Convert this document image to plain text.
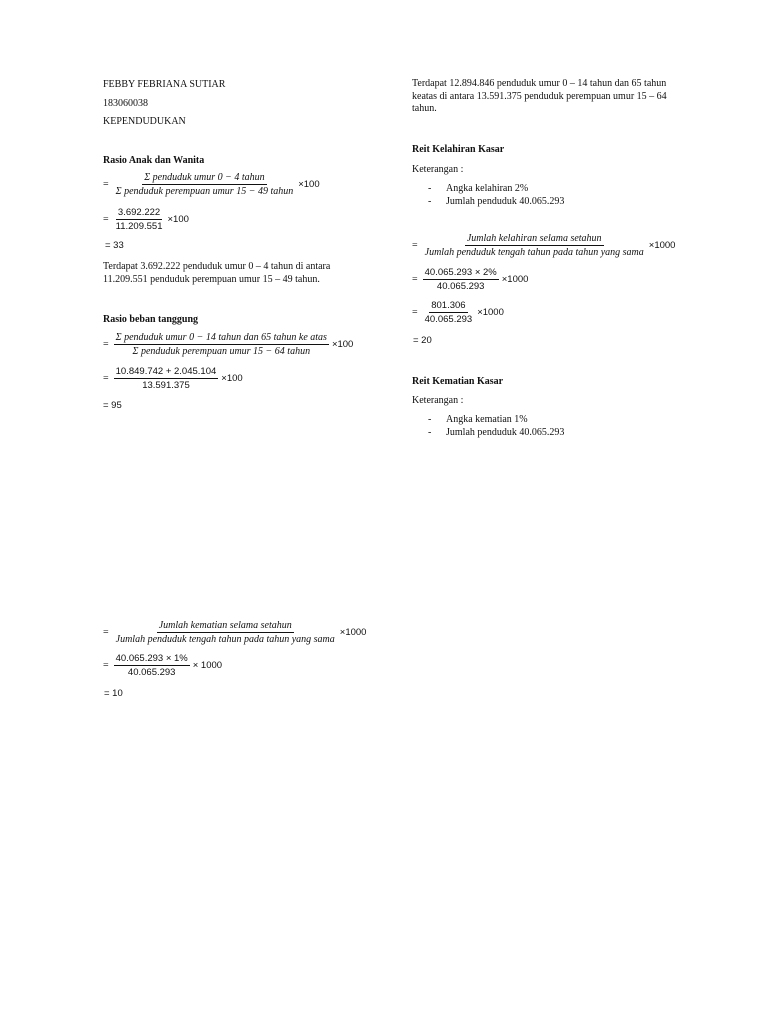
FEBBY FEBRIANA SUTIAR
183060038
KEPENDUDUKAN
Rasio Anak dan Wanita
= $\frac{\text{Σ penduduk umur 0 − 4 tahun}}{\text{Σ penduduk perempuan umur 15 − 49 tahun}} \times 100$
= $\frac{3.692.222}{11.209.551} \times 100$
= 33
Terdapat 3.692.222 penduduk umur 0 – 4 tahun di antara 11.209.551 penduduk perempuan umur 15 – 49 tahun.
Rasio beban tanggung
= $\frac{\text{Σ penduduk umur 0 − 14 tahun dan 65 tahun ke atas}}{\text{Σ penduduk perempuan umur 15 − 64 tahun}} \times 100$
= $\frac{10.849.742 + 2.045.104}{13.591.375} \times 100$
= 95
Terdapat 12.894.846 penduduk umur 0 – 14 tahun dan 65 tahun keatas di antara 13.591.375 penduduk perempuan umur 15 – 64 tahun.
Reit Kelahiran Kasar
Keterangan :
-	Angka kelahiran 2%
-	Jumlah penduduk 40.065.293
= $\frac{\text{Jumlah kelahiran selama setahun}}{\text{Jumlah penduduk tengah tahun pada tahun yang sama}} \times 1000$
= $\frac{40.065.293 \times 2\%}{40.065.293} \times 1000$
= $\frac{801.306}{40.065.293} \times 1000$
= 20
Reit Kematian Kasar
Keterangan :
-	Angka kematian 1%
-	Jumlah penduduk 40.065.293
= $\frac{\text{Jumlah kematian selama setahun}}{\text{Jumlah penduduk tengah tahun pada tahun yang sama}} \times 1000$
= $\frac{40.065.293 \times 1\%}{40.065.293} \times 1000$
= 10
